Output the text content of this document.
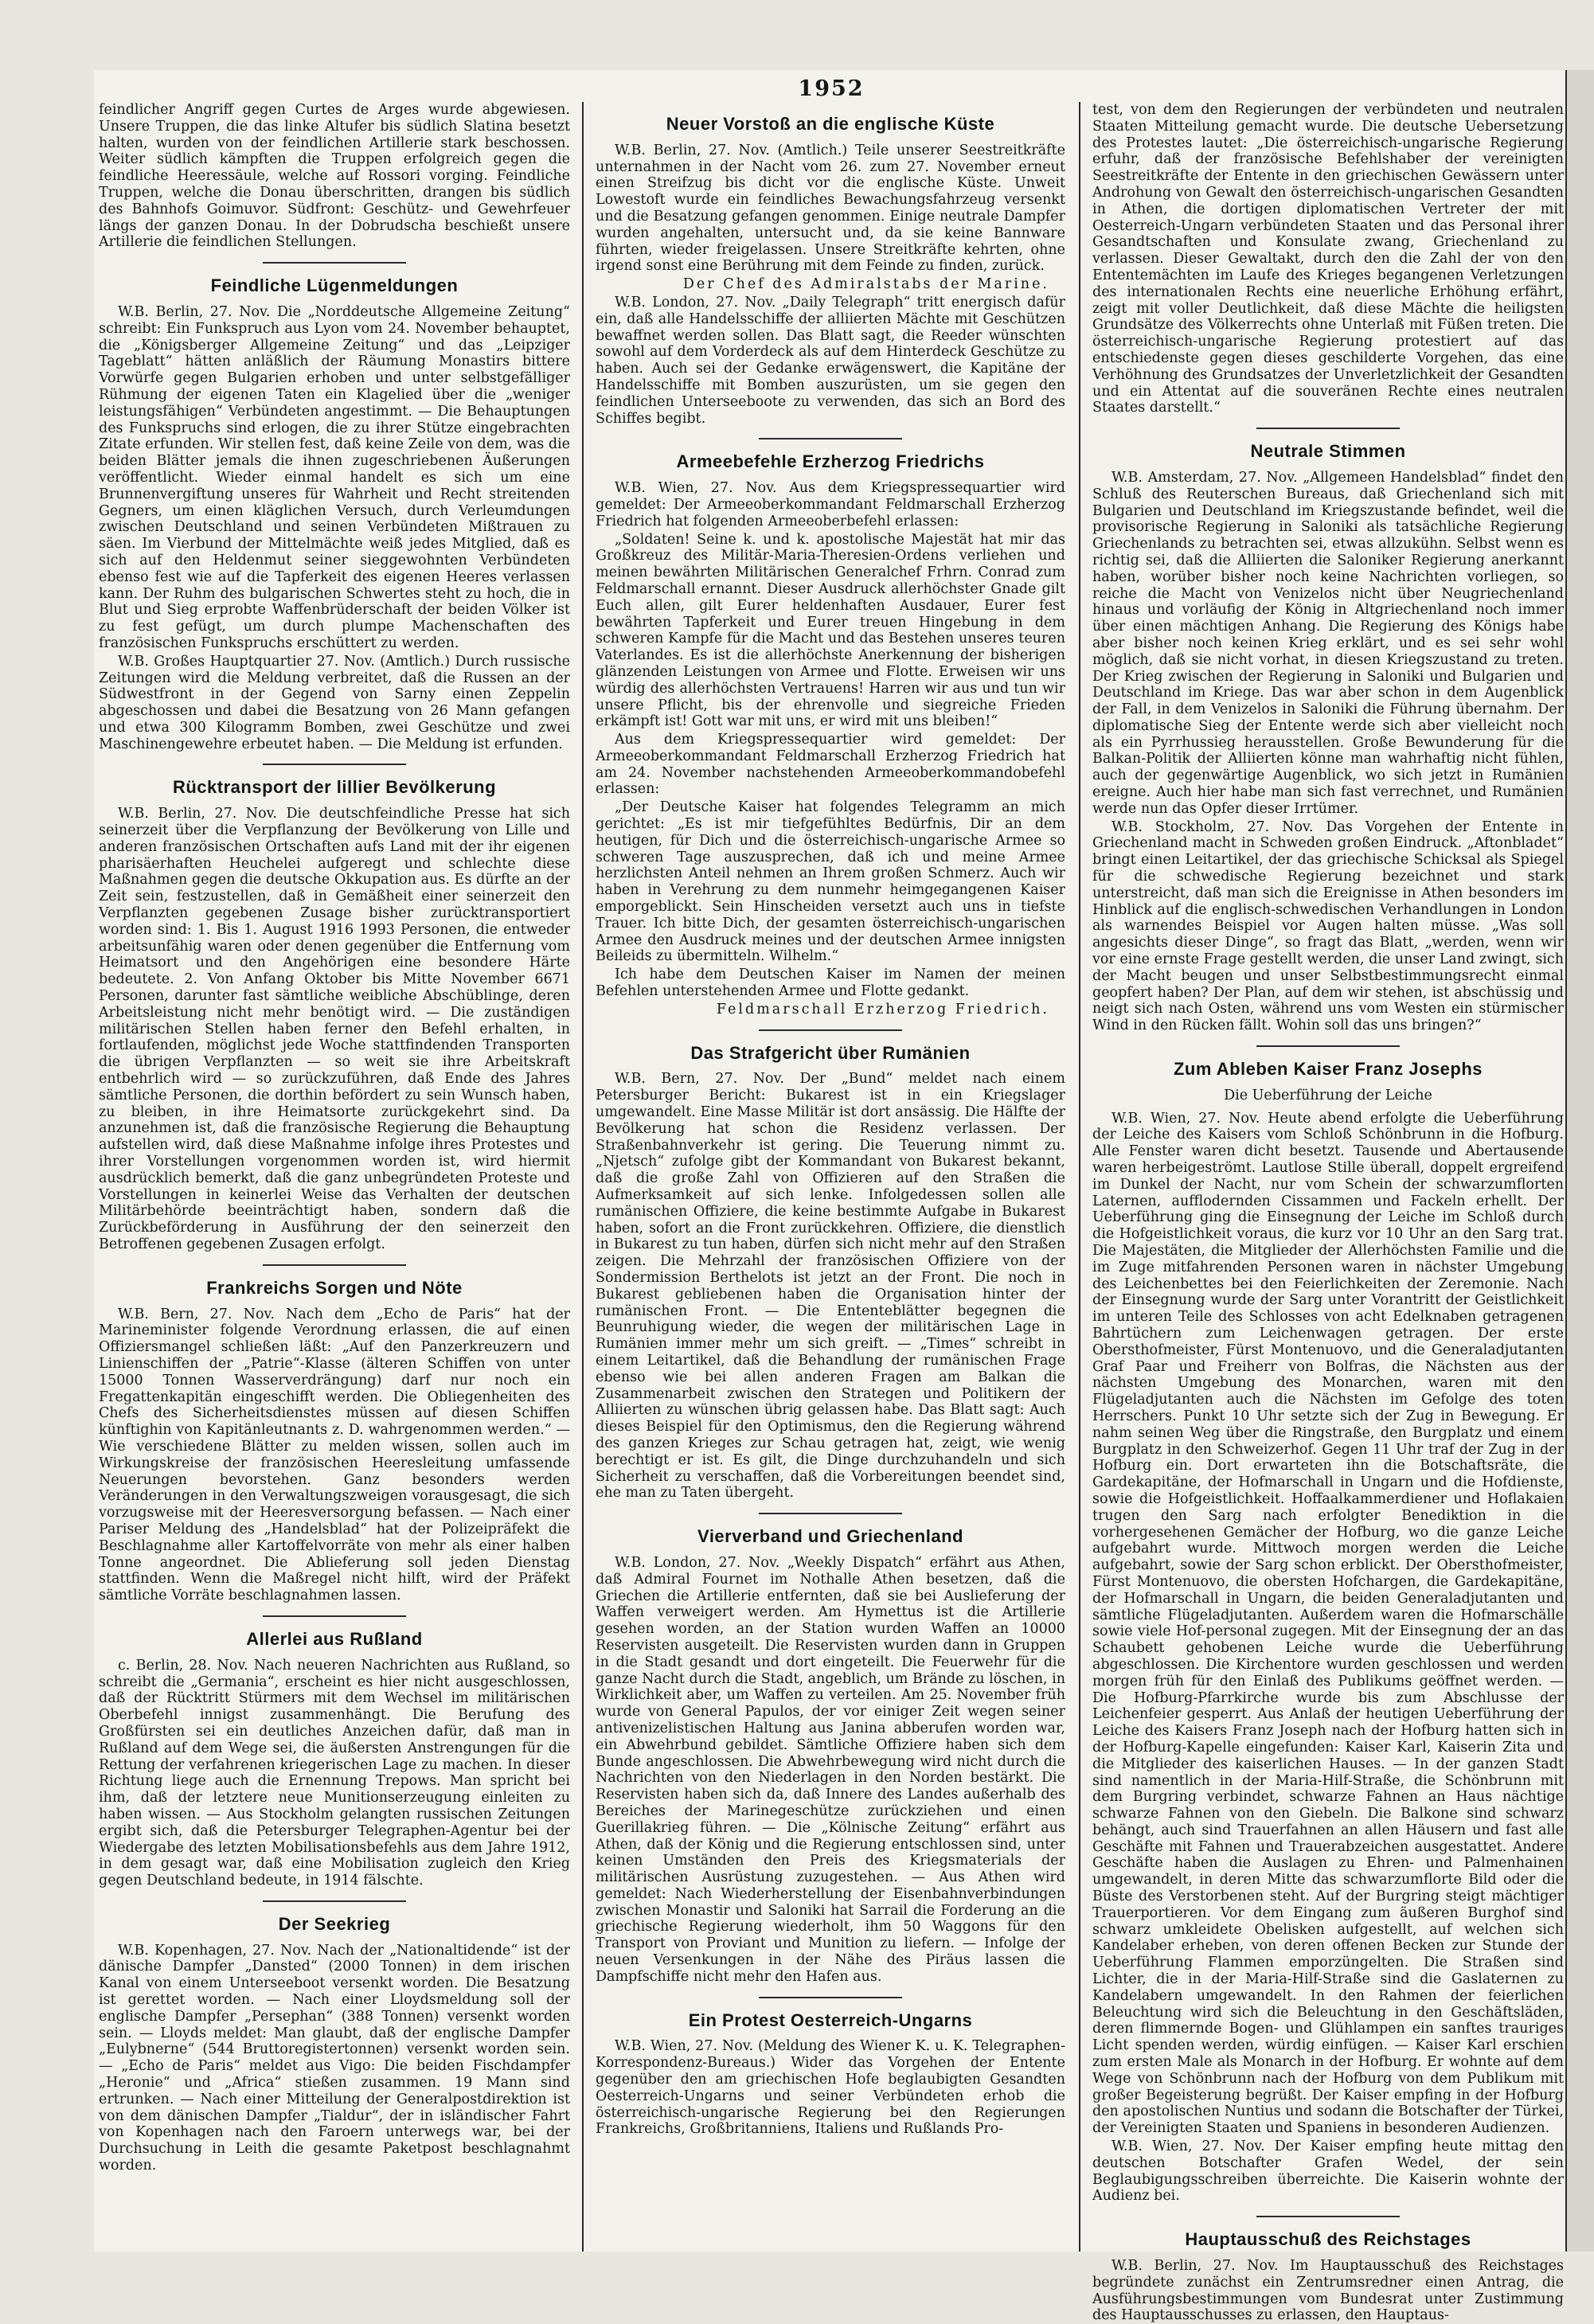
1952

feindlicher Angriff gegen Curtes de Arges wurde abgewiesen. Unsere Truppen, die das linke Altufer bis südlich Slatina besetzt halten, wurden von der feindlichen Artillerie stark beschossen. Weiter südlich kämpften die Truppen erfolgreich gegen die feindliche Heeressäule, welche auf Rossori vorging. Feindliche Truppen, welche die Donau überschritten, drangen bis südlich des Bahnhofs Goimuvor. Südfront: Geschütz- und Gewehrfeuer längs der ganzen Donau. In der Dobrudscha beschießt unsere Artillerie die feindlichen Stellungen.

Feindliche Lügenmeldungen

W.B. Berlin, 27. Nov. Die „Norddeutsche Allgemeine Zeitung“ schreibt: Ein Funkspruch aus Lyon vom 24. November behauptet, die „Königsberger Allgemeine Zeitung“ und das „Leipziger Tageblatt“ hätten anläßlich der Räumung Monastirs bittere Vorwürfe gegen Bulgarien erhoben und unter selbstgefälliger Rühmung der eigenen Taten ein Klagelied über die „weniger leistungsfähigen“ Verbündeten angestimmt. — Die Behauptungen des Funkspruchs sind erlogen, die zu ihrer Stütze eingebrachten Zitate erfunden. Wir stellen fest, daß keine Zeile von dem, was die beiden Blätter jemals die ihnen zugeschriebenen Äußerungen veröffentlicht. Wieder einmal handelt es sich um eine Brunnenvergiftung unseres für Wahrheit und Recht streitenden Gegners, um einen kläglichen Versuch, durch Verleumdungen zwischen Deutschland und seinen Verbündeten Mißtrauen zu säen. Im Vierbund der Mittelmächte weiß jedes Mitglied, daß es sich auf den Heldenmut seiner sieggewohnten Verbündeten ebenso fest wie auf die Tapferkeit des eigenen Heeres verlassen kann. Der Ruhm des bulgarischen Schwertes steht zu hoch, die in Blut und Sieg erprobte Waffenbrüderschaft der beiden Völker ist zu fest gefügt, um durch plumpe Machenschaften des französischen Funkspruchs erschüttert zu werden.

W.B. Großes Hauptquartier 27. Nov. (Amtlich.) Durch russische Zeitungen wird die Meldung verbreitet, daß die Russen an der Südwestfront in der Gegend von Sarny einen Zeppelin abgeschossen und dabei die Besatzung von 26 Mann gefangen und etwa 300 Kilogramm Bomben, zwei Geschütze und zwei Maschinengewehre erbeutet haben. — Die Meldung ist erfunden.

Rücktransport der lillier Bevölkerung

W.B. Berlin, 27. Nov. Die deutschfeindliche Presse hat sich seinerzeit über die Verpflanzung der Bevölkerung von Lille und anderen französischen Ortschaften aufs Land mit der ihr eigenen pharisäerhaften Heuchelei aufgeregt und schlechte diese Maßnahmen gegen die deutsche Okkupation aus. Es dürfte an der Zeit sein, festzustellen, daß in Gemäßheit einer seinerzeit den Verpflanzten gegebenen Zusage bisher zurücktransportiert worden sind: 1. Bis 1. August 1916 1993 Personen, die entweder arbeitsunfähig waren oder denen gegenüber die Entfernung vom Heimatsort und den Angehörigen eine besondere Härte bedeutete. 2. Von Anfang Oktober bis Mitte November 6671 Personen, darunter fast sämtliche weibliche Abschüblinge, deren Arbeitsleistung nicht mehr benötigt wird. — Die zuständigen militärischen Stellen haben ferner den Befehl erhalten, in fortlaufenden, möglichst jede Woche stattfindenden Transporten die übrigen Verpflanzten — so weit sie ihre Arbeitskraft entbehrlich wird — so zurückzuführen, daß Ende des Jahres sämtliche Personen, die dorthin befördert zu sein Wunsch haben, zu bleiben, in ihre Heimatsorte zurückgekehrt sind. Da anzunehmen ist, daß die französische Regierung die Behauptung aufstellen wird, daß diese Maßnahme infolge ihres Protestes und ihrer Vorstellungen vorgenommen worden ist, wird hiermit ausdrücklich bemerkt, daß die ganz unbegründeten Proteste und Vorstellungen in keinerlei Weise das Verhalten der deutschen Militärbehörde beeinträchtigt haben, sondern daß die Zurückbeförderung in Ausführung der den seinerzeit den Betroffenen gegebenen Zusagen erfolgt.

Frankreichs Sorgen und Nöte

W.B. Bern, 27. Nov. Nach dem „Echo de Paris“ hat der Marineminister folgende Verordnung erlassen, die auf einen Offiziersmangel schließen läßt: „Auf den Panzerkreuzern und Linienschiffen der „Patrie“-Klasse (älteren Schiffen von unter 15000 Tonnen Wasserverdrängung) darf nur noch ein Fregattenkapitän eingeschifft werden. Die Obliegenheiten des Chefs des Sicherheitsdienstes müssen auf diesen Schiffen künftighin von Kapitänleutnants z. D. wahrgenommen werden.“ — Wie verschiedene Blätter zu melden wissen, sollen auch im Wirkungskreise der französischen Heeresleitung umfassende Neuerungen bevorstehen. Ganz besonders werden Veränderungen in den Verwaltungszweigen vorausgesagt, die sich vorzugsweise mit der Heeresversorgung befassen. — Nach einer Pariser Meldung des „Handelsblad“ hat der Polizeipräfekt die Beschlagnahme aller Kartoffelvorräte von mehr als einer halben Tonne angeordnet. Die Ablieferung soll jeden Dienstag stattfinden. Wenn die Maßregel nicht hilft, wird der Präfekt sämtliche Vorräte beschlagnahmen lassen.

Allerlei aus Rußland

c. Berlin, 28. Nov. Nach neueren Nachrichten aus Rußland, so schreibt die „Germania“, erscheint es hier nicht ausgeschlossen, daß der Rücktritt Stürmers mit dem Wechsel im militärischen Oberbefehl innigst zusammenhängt. Die Berufung des Großfürsten sei ein deutliches Anzeichen dafür, daß man in Rußland auf dem Wege sei, die äußersten Anstrengungen für die Rettung der verfahrenen kriegerischen Lage zu machen. In dieser Richtung liege auch die Ernennung Trepows. Man spricht bei ihm, daß der letztere neue Munitionserzeugung einleiten zu haben wissen. — Aus Stockholm gelangten russischen Zeitungen ergibt sich, daß die Petersburger Telegraphen-Agentur bei der Wiedergabe des letzten Mobilisationsbefehls aus dem Jahre 1912, in dem gesagt war, daß eine Mobilisation zugleich den Krieg gegen Deutschland bedeute, in 1914 fälschte.

Der Seekrieg

W.B. Kopenhagen, 27. Nov. Nach der „Nationaltidende“ ist der dänische Dampfer „Dansted“ (2000 Tonnen) in dem irischen Kanal von einem Unterseeboot versenkt worden. Die Besatzung ist gerettet worden. — Nach einer Lloydsmeldung soll der englische Dampfer „Persephan“ (388 Tonnen) versenkt worden sein. — Lloyds meldet: Man glaubt, daß der englische Dampfer „Eulybnerne“ (544 Bruttoregistertonnen) versenkt worden sein. — „Echo de Paris“ meldet aus Vigo: Die beiden Fischdampfer „Heronie“ und „Africa“ stießen zusammen. 19 Mann sind ertrunken. — Nach einer Mitteilung der Generalpostdirektion ist von dem dänischen Dampfer „Tialdur“, der in isländischer Fahrt von Kopenhagen nach den Faroern unterwegs war, bei der Durchsuchung in Leith die gesamte Paketpost beschlagnahmt worden.

Neuer Vorstoß an die englische Küste

W.B. Berlin, 27. Nov. (Amtlich.) Teile unserer Seestreitkräfte unternahmen in der Nacht vom 26. zum 27. November erneut einen Streifzug bis dicht vor die englische Küste. Unweit Lowestoft wurde ein feindliches Bewachungsfahrzeug versenkt und die Besatzung gefangen genommen. Einige neutrale Dampfer wurden angehalten, untersucht und, da sie keine Bannware führten, wieder freigelassen. Unsere Streitkräfte kehrten, ohne irgend sonst eine Berührung mit dem Feinde zu finden, zurück.

Der Chef des Admiralstabs der Marine.

W.B. London, 27. Nov. „Daily Telegraph“ tritt energisch dafür ein, daß alle Handelsschiffe der alliierten Mächte mit Geschützen bewaffnet werden sollen. Das Blatt sagt, die Reeder wünschten sowohl auf dem Vorderdeck als auf dem Hinterdeck Geschütze zu haben. Auch sei der Gedanke erwägenswert, die Kapitäne der Handelsschiffe mit Bomben auszurüsten, um sie gegen den feindlichen Unterseeboote zu verwenden, das sich an Bord des Schiffes begibt.

Armeebefehle Erzherzog Friedrichs

W.B. Wien, 27. Nov. Aus dem Kriegspressequartier wird gemeldet: Der Armeeoberkommandant Feldmarschall Erzherzog Friedrich hat folgenden Armeeoberbefehl erlassen:

„Soldaten! Seine k. und k. apostolische Majestät hat mir das Großkreuz des Militär-Maria-Theresien-Ordens verliehen und meinen bewährten Militärischen Generalchef Frhrn. Conrad zum Feldmarschall ernannt. Dieser Ausdruck allerhöchster Gnade gilt Euch allen, gilt Eurer heldenhaften Ausdauer, Eurer fest bewährten Tapferkeit und Eurer treuen Hingebung in dem schweren Kampfe für die Macht und das Bestehen unseres teuren Vaterlandes. Es ist die allerhöchste Anerkennung der bisherigen glänzenden Leistungen von Armee und Flotte. Erweisen wir uns würdig des allerhöchsten Vertrauens! Harren wir aus und tun wir unsere Pflicht, bis der ehrenvolle und siegreiche Frieden erkämpft ist! Gott war mit uns, er wird mit uns bleiben!“

Aus dem Kriegspressequartier wird gemeldet: Der Armeeoberkommandant Feldmarschall Erzherzog Friedrich hat am 24. November nachstehenden Armeeoberkommandobefehl erlassen:

„Der Deutsche Kaiser hat folgendes Telegramm an mich gerichtet: „Es ist mir tiefgefühltes Bedürfnis, Dir an dem heutigen, für Dich und die österreichisch-ungarische Armee so schweren Tage auszusprechen, daß ich und meine Armee herzlichsten Anteil nehmen an Ihrem großen Schmerz. Auch wir haben in Verehrung zu dem nunmehr heimgegangenen Kaiser emporgeblickt. Sein Hinscheiden versetzt auch uns in tiefste Trauer. Ich bitte Dich, der gesamten österreichisch-ungarischen Armee den Ausdruck meines und der deutschen Armee innigsten Beileids zu übermitteln. Wilhelm.“

Ich habe dem Deutschen Kaiser im Namen der meinen Befehlen unterstehenden Armee und Flotte gedankt.

Feldmarschall Erzherzog Friedrich.

Das Strafgericht über Rumänien

W.B. Bern, 27. Nov. Der „Bund“ meldet nach einem Petersburger Bericht: Bukarest ist in ein Kriegslager umgewandelt. Eine Masse Militär ist dort ansässig. Die Hälfte der Bevölkerung hat schon die Residenz verlassen. Der Straßenbahnverkehr ist gering. Die Teuerung nimmt zu. „Njetsch“ zufolge gibt der Kommandant von Bukarest bekannt, daß die große Zahl von Offizieren auf den Straßen die Aufmerksamkeit auf sich lenke. Infolgedessen sollen alle rumänischen Offiziere, die keine bestimmte Aufgabe in Bukarest haben, sofort an die Front zurückkehren. Offiziere, die dienstlich in Bukarest zu tun haben, dürfen sich nicht mehr auf den Straßen zeigen. Die Mehrzahl der französischen Offiziere von der Sondermission Berthelots ist jetzt an der Front. Die noch in Bukarest gebliebenen haben die Organisation hinter der rumänischen Front. — Die Ententeblätter begegnen die Beunruhigung wieder, die wegen der militärischen Lage in Rumänien immer mehr um sich greift. — „Times“ schreibt in einem Leitartikel, daß die Behandlung der rumänischen Frage ebenso wie bei allen anderen Fragen am Balkan die Zusammenarbeit zwischen den Strategen und Politikern der Alliierten zu wünschen übrig gelassen habe. Das Blatt sagt: Auch dieses Beispiel für den Optimismus, den die Regierung während des ganzen Krieges zur Schau getragen hat, zeigt, wie wenig berechtigt er ist. Es gilt, die Dinge durchzuhandeln und sich Sicherheit zu verschaffen, daß die Vorbereitungen beendet sind, ehe man zu Taten übergeht.

Vierverband und Griechenland

W.B. London, 27. Nov. „Weekly Dispatch“ erfährt aus Athen, daß Admiral Fournet im Nothalle Athen besetzen, daß die Griechen die Artillerie entfernten, daß sie bei Auslieferung der Waffen verweigert werden. Am Hymettus ist die Artillerie gesehen worden, an der Station wurden Waffen an 10000 Reservisten ausgeteilt. Die Reservisten wurden dann in Gruppen in die Stadt gesandt und dort eingeteilt. Die Feuerwehr für die ganze Nacht durch die Stadt, angeblich, um Brände zu löschen, in Wirklichkeit aber, um Waffen zu verteilen. Am 25. November früh wurde von General Papulos, der vor einiger Zeit wegen seiner antivenizelistischen Haltung aus Janina abberufen worden war, ein Abwehrbund gebildet. Sämtliche Offiziere haben sich dem Bunde angeschlossen. Die Abwehrbewegung wird nicht durch die Nachrichten von den Niederlagen in den Norden bestärkt. Die Reservisten haben sich da, daß Innere des Landes außerhalb des Bereiches der Marinegeschütze zurückziehen und einen Guerillakrieg führen. — Die „Kölnische Zeitung“ erfährt aus Athen, daß der König und die Regierung entschlossen sind, unter keinen Umständen den Preis des Kriegsmaterials der militärischen Ausrüstung zuzugestehen. — Aus Athen wird gemeldet: Nach Wiederherstellung der Eisenbahnverbindungen zwischen Monastir und Saloniki hat Sarrail die Forderung an die griechische Regierung wiederholt, ihm 50 Waggons für den Transport von Proviant und Munition zu liefern. — Infolge der neuen Versenkungen in der Nähe des Piräus lassen die Dampfschiffe nicht mehr den Hafen aus.

Ein Protest Oesterreich-Ungarns

W.B. Wien, 27. Nov. (Meldung des Wiener K. u. K. Telegraphen-Korrespondenz-Bureaus.) Wider das Vorgehen der Entente gegenüber den am griechischen Hofe beglaubigten Gesandten Oesterreich-Ungarns und seiner Verbündeten erhob die österreichisch-ungarische Regierung bei den Regierungen Frankreichs, Großbritanniens, Italiens und Rußlands Pro-

test, von dem den Regierungen der verbündeten und neutralen Staaten Mitteilung gemacht wurde. Die deutsche Uebersetzung des Protestes lautet: „Die österreichisch-ungarische Regierung erfuhr, daß der französische Befehlshaber der vereinigten Seestreitkräfte der Entente in den griechischen Gewässern unter Androhung von Gewalt den österreichisch-ungarischen Gesandten in Athen, die dortigen diplomatischen Vertreter der mit Oesterreich-Ungarn verbündeten Staaten und das Personal ihrer Gesandtschaften und Konsulate zwang, Griechenland zu verlassen. Dieser Gewaltakt, durch den die Zahl der von den Ententemächten im Laufe des Krieges begangenen Verletzungen des internationalen Rechts eine neuerliche Erhöhung erfährt, zeigt mit voller Deutlichkeit, daß diese Mächte die heiligsten Grundsätze des Völkerrechts ohne Unterlaß mit Füßen treten. Die österreichisch-ungarische Regierung protestiert auf das entschiedenste gegen dieses geschilderte Vorgehen, das eine Verhöhnung des Grundsatzes der Unverletzlichkeit der Gesandten und ein Attentat auf die souveränen Rechte eines neutralen Staates darstellt.“

Neutrale Stimmen

W.B. Amsterdam, 27. Nov. „Allgemeen Handelsblad“ findet den Schluß des Reuterschen Bureaus, daß Griechenland sich mit Bulgarien und Deutschland im Kriegszustande befindet, weil die provisorische Regierung in Saloniki als tatsächliche Regierung Griechenlands zu betrachten sei, etwas allzukühn. Selbst wenn es richtig sei, daß die Alliierten die Saloniker Regierung anerkannt haben, worüber bisher noch keine Nachrichten vorliegen, so reiche die Macht von Venizelos nicht über Neugriechenland hinaus und vorläufig der König in Altgriechenland noch immer über einen mächtigen Anhang. Die Regierung des Königs habe aber bisher noch keinen Krieg erklärt, und es sei sehr wohl möglich, daß sie nicht vorhat, in diesen Kriegszustand zu treten. Der Krieg zwischen der Regierung in Saloniki und Bulgarien und Deutschland im Kriege. Das war aber schon in dem Augenblick der Fall, in dem Venizelos in Saloniki die Führung übernahm. Der diplomatische Sieg der Entente werde sich aber vielleicht noch als ein Pyrrhussieg herausstellen. Große Bewunderung für die Balkan-Politik der Alliierten könne man wahrhaftig nicht fühlen, auch der gegenwärtige Augenblick, wo sich jetzt in Rumänien ereigne. Auch hier habe man sich fast verrechnet, und Rumänien werde nun das Opfer dieser Irrtümer.

W.B. Stockholm, 27. Nov. Das Vorgehen der Entente in Griechenland macht in Schweden großen Eindruck. „Aftonbladet“ bringt einen Leitartikel, der das griechische Schicksal als Spiegel für die schwedische Regierung bezeichnet und stark unterstreicht, daß man sich die Ereignisse in Athen besonders im Hinblick auf die englisch-schwedischen Verhandlungen in London als warnendes Beispiel vor Augen halten müsse. „Was soll angesichts dieser Dinge“, so fragt das Blatt, „werden, wenn wir vor eine ernste Frage gestellt werden, die unser Land zwingt, sich der Macht beugen und unser Selbstbestimmungsrecht einmal geopfert haben? Der Plan, auf dem wir stehen, ist abschüssig und neigt sich nach Osten, während uns vom Westen ein stürmischer Wind in den Rücken fällt. Wohin soll das uns bringen?“

Zum Ableben Kaiser Franz Josephs
Die Ueberführung der Leiche

W.B. Wien, 27. Nov. Heute abend erfolgte die Ueberführung der Leiche des Kaisers vom Schloß Schönbrunn in die Hofburg. Alle Fenster waren dicht besetzt. Tausende und Abertausende waren herbeigeströmt. Lautlose Stille überall, doppelt ergreifend im Dunkel der Nacht, nur vom Schein der schwarzumflorten Laternen, aufflodernden Cissammen und Fackeln erhellt. Der Ueberführung ging die Einsegnung der Leiche im Schloß durch die Hofgeistlichkeit voraus, die kurz vor 10 Uhr an den Sarg trat. Die Majestäten, die Mitglieder der Allerhöchsten Familie und die im Zuge mitfahrenden Personen waren in nächster Umgebung des Leichenbettes bei den Feierlichkeiten der Zeremonie. Nach der Einsegnung wurde der Sarg unter Vorantritt der Geistlichkeit im unteren Teile des Schlosses von acht Edelknaben getragenen Bahrtüchern zum Leichenwagen getragen. Der erste Obersthofmeister, Fürst Montenuovo, und die Generaladjutanten Graf Paar und Freiherr von Bolfras, die Nächsten aus der nächsten Umgebung des Monarchen, waren mit den Flügeladjutanten auch die Nächsten im Gefolge des toten Herrschers. Punkt 10 Uhr setzte sich der Zug in Bewegung. Er nahm seinen Weg über die Ringstraße, den Burgplatz und einem Burgplatz in den Schweizerhof. Gegen 11 Uhr traf der Zug in der Hofburg ein. Dort erwarteten ihn die Botschaftsräte, die Gardekapitäne, der Hofmarschall in Ungarn und die Hofdienste, sowie die Hofgeistlichkeit. Hoffaalkammerdiener und Hoflakaien trugen den Sarg nach erfolgter Benediktion in die vorhergesehenen Gemächer der Hofburg, wo die ganze Leiche aufgebahrt wurde. Mittwoch morgen werden die Leiche aufgebahrt, sowie der Sarg schon erblickt. Der Obersthofmeister, Fürst Montenuovo, die obersten Hofchargen, die Gardekapitäne, der Hofmarschall in Ungarn, die beiden Generaladjutanten und sämtliche Flügeladjutanten. Außerdem waren die Hofmarschälle sowie viele Hof-personal zugegen. Mit der Einsegnung der an das Schaubett gehobenen Leiche wurde die Ueberführung abgeschlossen. Die Kirchentore wurden geschlossen und werden morgen früh für den Einlaß des Publikums geöffnet werden. — Die Hofburg-Pfarrkirche wurde bis zum Abschlusse der Leichenfeier gesperrt. Aus Anlaß der heutigen Ueberführung der Leiche des Kaisers Franz Joseph nach der Hofburg hatten sich in der Hofburg-Kapelle eingefunden: Kaiser Karl, Kaiserin Zita und die Mitglieder des kaiserlichen Hauses. — In der ganzen Stadt sind namentlich in der Maria-Hilf-Straße, die Schönbrunn mit dem Burgring verbindet, schwarze Fahnen an Haus nächtige schwarze Fahnen von den Giebeln. Die Balkone sind schwarz behängt, auch sind Trauerfahnen an allen Häusern und fast alle Geschäfte mit Fahnen und Trauerabzeichen ausgestattet. Andere Geschäfte haben die Auslagen zu Ehren- und Palmenhainen umgewandelt, in deren Mitte das schwarzumflorte Bild oder die Büste des Verstorbenen steht. Auf der Burgring steigt mächtiger Trauerportieren. Vor dem Eingang zum äußeren Burghof sind schwarz umkleidete Obelisken aufgestellt, auf welchen sich Kandelaber erheben, von deren offenen Becken zur Stunde der Ueberführung Flammen emporzüngelten. Die Straßen sind Lichter, die in der Maria-Hilf-Straße sind die Gaslaternen zu Kandelabern umgewandelt. In den Rahmen der feierlichen Beleuchtung wird sich die Beleuchtung in den Geschäftsläden, deren flimmernde Bogen- und Glühlampen ein sanftes trauriges Licht spenden werden, würdig einfügen. — Kaiser Karl erschien zum ersten Male als Monarch in der Hofburg. Er wohnte auf dem Wege von Schönbrunn nach der Hofburg von dem Publikum mit großer Begeisterung begrüßt. Der Kaiser empfing in der Hofburg den apostolischen Nuntius und sodann die Botschafter der Türkei, der Vereinigten Staaten und Spaniens in besonderen Audienzen.

W.B. Wien, 27. Nov. Der Kaiser empfing heute mittag den deutschen Botschafter Grafen Wedel, der sein Beglaubigungsschreiben überreichte. Die Kaiserin wohnte der Audienz bei.

Hauptausschuß des Reichstages

W.B. Berlin, 27. Nov. Im Hauptausschuß des Reichstages begründete zunächst ein Zentrumsredner einen Antrag, die Ausführungsbestimmungen vom Bundesrat unter Zustimmung des Hauptausschusses zu erlassen, den Hauptaus-
